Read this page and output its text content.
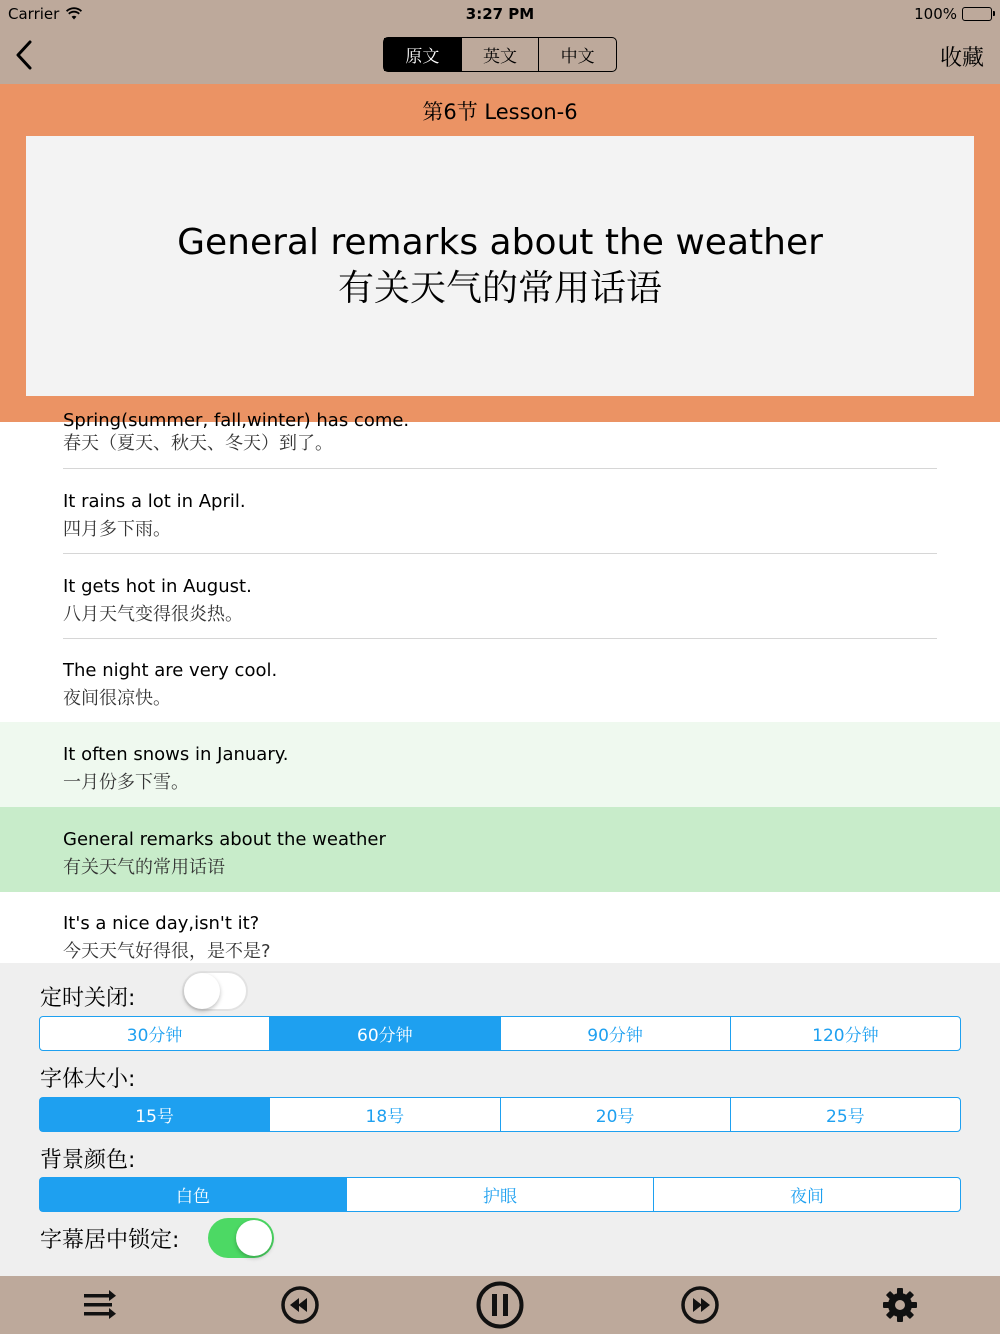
Carrier	3:27 PM	100%
原文	英文	中文	收藏
第6节 Lesson-6
General remarks about the weather
有关天气的常用话语
Spring(summer, fall,winter) has come.
春天（夏天、秋天、冬天）到了。
It rains a lot in April.
四月多下雨。
It gets hot in August.
八月天气变得很炎热。
The night are very cool.
夜间很凉快。
It often snows in January.
一月份多下雪。
General remarks about the weather
有关天气的常用话语
It's a nice day,isn't it?
今天天气好得很，是不是?
定时关闭:
30分钟	60分钟	90分钟	120分钟
字体大小:
15号	18号	20号	25号
背景颜色:
白色	护眼	夜间
字幕居中锁定:
